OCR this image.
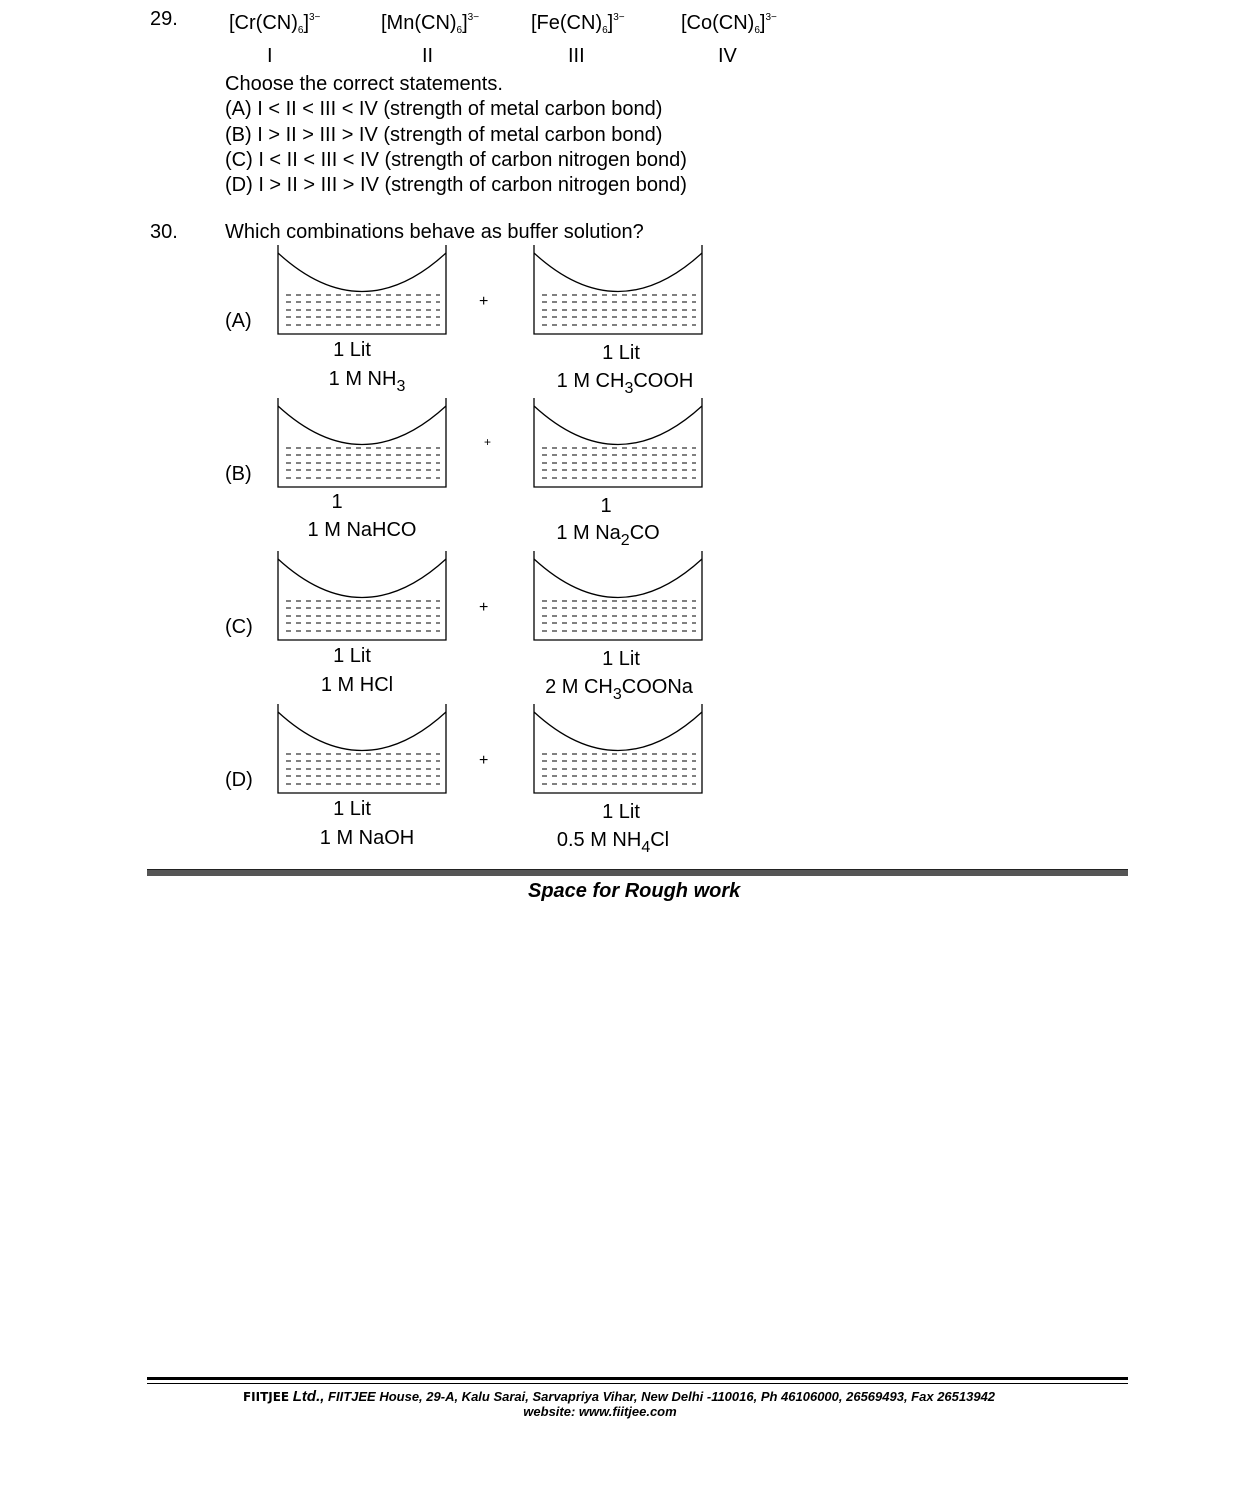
29.	$[Cr(CN)_6]^{3-}$	$[Mn(CN)_6]^{3-}$	$[Fe(CN)_6]^{3-}$	$[Co(CN)_6]^{3-}$
I	II	III	IV
Choose the correct statements.
(A) I < II < III < IV (strength of metal carbon bond)
(B) I > II > III > IV (strength of metal carbon bond)
(C) I < II < III < IV (strength of carbon nitrogen bond)
(D) I > II > III > IV (strength of carbon nitrogen bond)
30. Which combinations behave as buffer solution?
(A)
+
1 Lit
1 M $NH_3$
1 Lit
1 M $CH_3COOH$
(B)
+
1
1 M NaHCO
1
1 M $Na_2CO$
(C)
+
1 Lit
1 M HCl
1 Lit
2 M $CH_3COONa$
(D)
+
1 Lit
1 M NaOH
1 Lit
0.5 M $NH_4Cl$
Space for Rough work
FIITJEE Ltd., FIITJEE House, 29-A, Kalu Sarai, Sarvapriya Vihar, New Delhi -110016, Ph 46106000, 26569493, Fax 26513942
website: www.fiitjee.com
